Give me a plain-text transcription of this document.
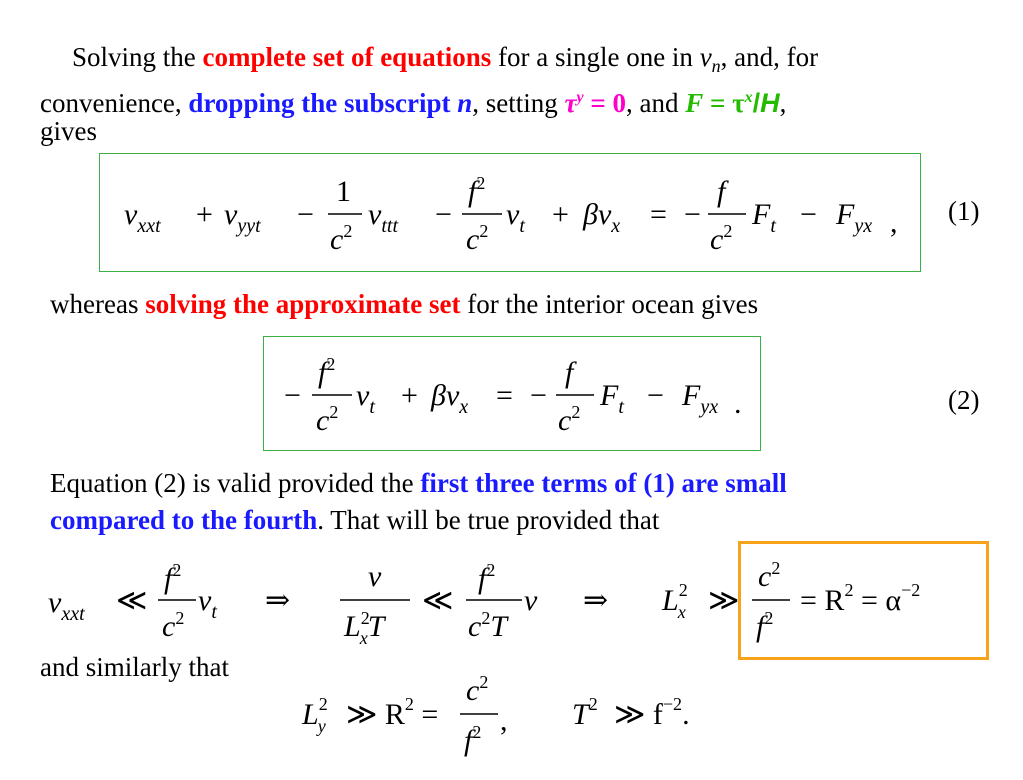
Solving the complete set of equations for a single one in $v_n$, and, for
convenience, dropping the subscript n, setting $\tau^y = 0$, and $F = \tau^x/H$,
gives
$v_{xxt} + v_{yyt}$ −
1
$c^2$ $v_{ttt}$ −
$f^2$
$c^2$ $v_t + \beta v_x$ = −
f
$c^2$ $F_t - F_{yx}$ , (1)
whereas solving the approximate set for the interior ocean gives
−
$f^2$
$c^2$ $v_t + \beta v_x$ = −
f
$c^2$ $F_t - F_{yx}$ .	(2)
Equation (2) is valid provided the first three terms of (1) are small
compared to the fourth. That will be true provided that
$v_{xxt}$ ≪
$f^2$
$c^2$
$v_t$ ⇒
v
$L^2$ xT
≪
$f^2$
$c^2T$
v ⇒ $L^2$ x ≫
$c^2$
$f^2$
= $R^2 = \alpha^{-2}$
and similarly that
$L^2$ y ≫ $R^2$ =
$c^2$
$f^2$ , $T^2$ ≫ $f^{-2}$.
